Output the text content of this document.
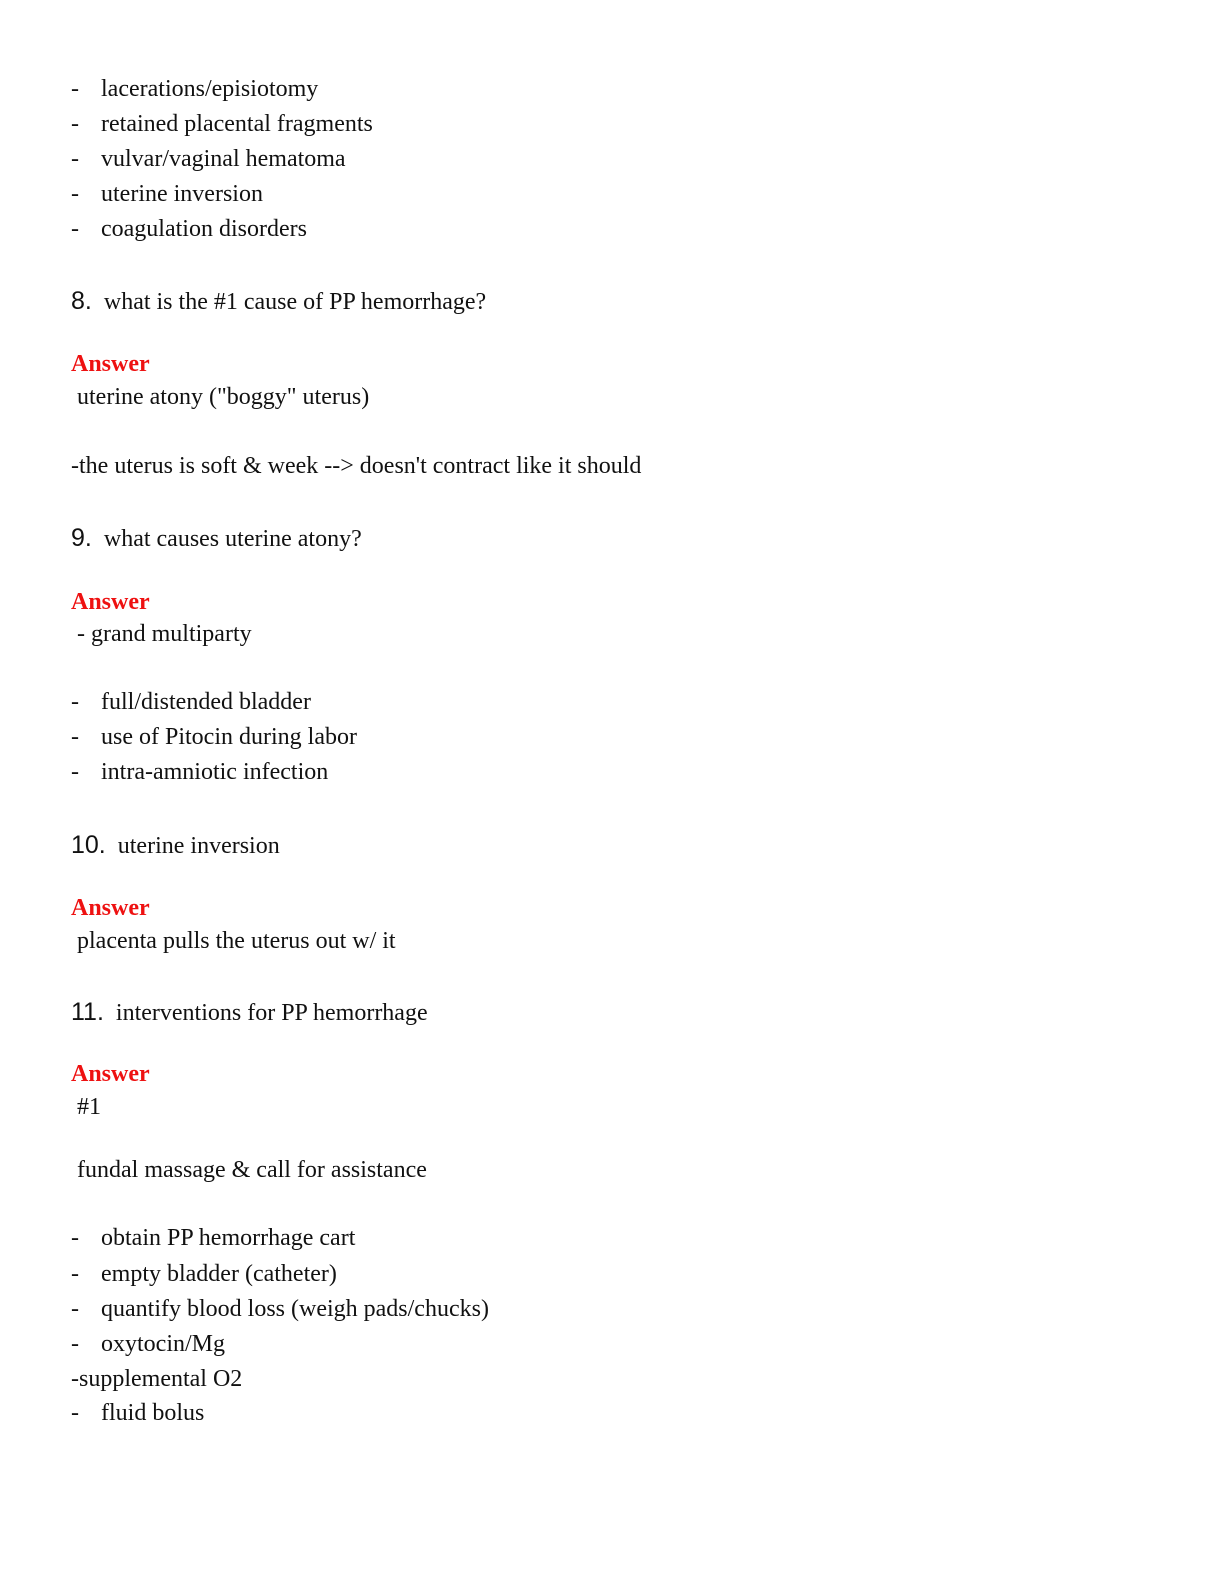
- lacerations/episiotomy
- retained placental fragments
- vulvar/vaginal hematoma
- uterine inversion
- coagulation disorders
8. what is the #1 cause of PP hemorrhage?
Answer
uterine atony ("boggy" uterus)
-the uterus is soft & week --> doesn't contract like it should
9. what causes uterine atony?
Answer
- grand multiparty
- full/distended bladder
- use of Pitocin during labor
- intra-amniotic infection
10. uterine inversion
Answer
placenta pulls the uterus out w/ it
11. interventions for PP hemorrhage
Answer
#1
fundal massage & call for assistance
- obtain PP hemorrhage cart
- empty bladder (catheter)
- quantify blood loss (weigh pads/chucks)
- oxytocin/Mg
-supplemental O2
- fluid bolus
